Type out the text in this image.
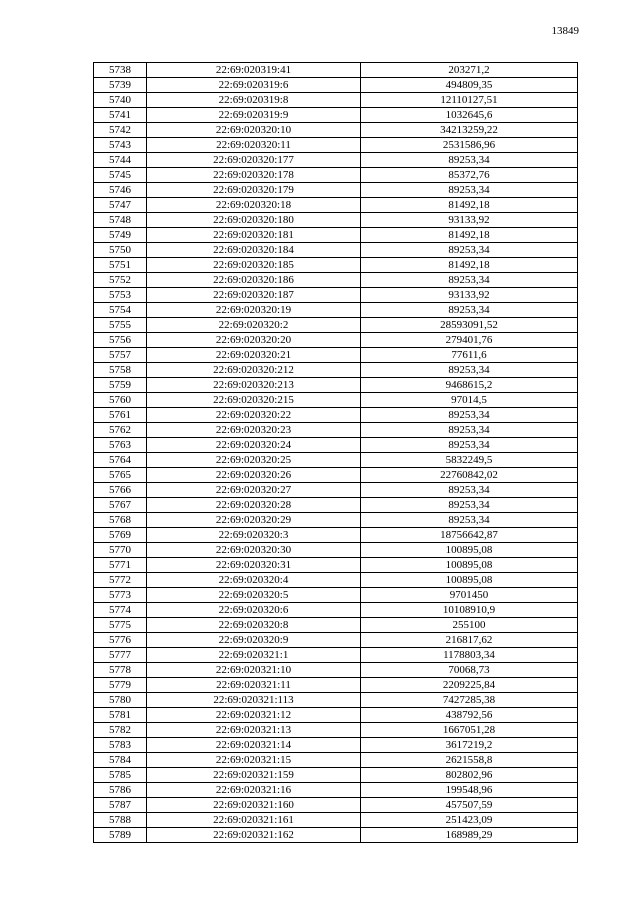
13849
5738	22:69:020319:41	203271,2
5739	22:69:020319:6	494809,35
5740	22:69:020319:8	12110127,51
5741	22:69:020319:9	1032645,6
5742	22:69:020320:10	34213259,22
5743	22:69:020320:11	2531586,96
5744	22:69:020320:177	89253,34
5745	22:69:020320:178	85372,76
5746	22:69:020320:179	89253,34
5747	22:69:020320:18	81492,18
5748	22:69:020320:180	93133,92
5749	22:69:020320:181	81492,18
5750	22:69:020320:184	89253,34
5751	22:69:020320:185	81492,18
5752	22:69:020320:186	89253,34
5753	22:69:020320:187	93133,92
5754	22:69:020320:19	89253,34
5755	22:69:020320:2	28593091,52
5756	22:69:020320:20	279401,76
5757	22:69:020320:21	77611,6
5758	22:69:020320:212	89253,34
5759	22:69:020320:213	9468615,2
5760	22:69:020320:215	97014,5
5761	22:69:020320:22	89253,34
5762	22:69:020320:23	89253,34
5763	22:69:020320:24	89253,34
5764	22:69:020320:25	5832249,5
5765	22:69:020320:26	22760842,02
5766	22:69:020320:27	89253,34
5767	22:69:020320:28	89253,34
5768	22:69:020320:29	89253,34
5769	22:69:020320:3	18756642,87
5770	22:69:020320:30	100895,08
5771	22:69:020320:31	100895,08
5772	22:69:020320:4	100895,08
5773	22:69:020320:5	9701450
5774	22:69:020320:6	10108910,9
5775	22:69:020320:8	255100
5776	22:69:020320:9	216817,62
5777	22:69:020321:1	1178803,34
5778	22:69:020321:10	70068,73
5779	22:69:020321:11	2209225,84
5780	22:69:020321:113	7427285,38
5781	22:69:020321:12	438792,56
5782	22:69:020321:13	1667051,28
5783	22:69:020321:14	3617219,2
5784	22:69:020321:15	2621558,8
5785	22:69:020321:159	802802,96
5786	22:69:020321:16	199548,96
5787	22:69:020321:160	457507,59
5788	22:69:020321:161	251423,09
5789	22:69:020321:162	168989,29
